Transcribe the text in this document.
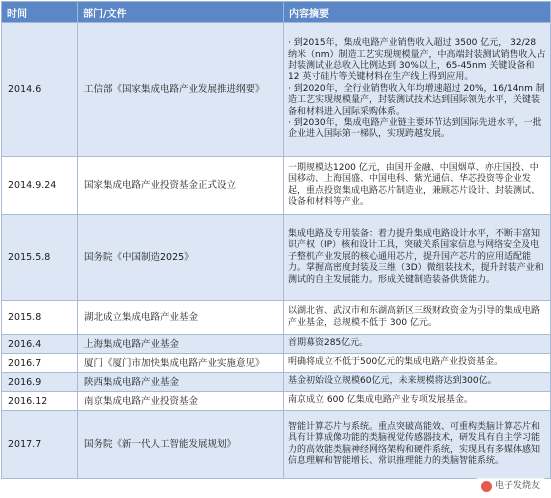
时间	部门/文件	内容摘要
2014.6	工信部《国家集成电路产业发展推进纲要》	· 到2015年，集成电路产业销售收入超过 3500 亿元， 32/28 纳米（nm）制造工艺实现规模量产，中高端封装测试销售收入占封装测试业总收入比例达到 30%以上，65-45nm 关键设备和 12 英寸硅片等关键材料在生产线上得到应用。
· 到2020年，全行业销售收入年均增速超过 20%，16/14nm 制造工艺实现规模量产，封装测试技术达到国际领先水平，关键装备和材料进入国际采购体系。
· 到2030年，集成电路产业链主要环节达到国际先进水平，一批企业进入国际第一梯队，实现跨越发展。

2014.9.24	国家集成电路产业投资基金正式设立	一期规模达1200 亿元，由国开金融、中国烟草、亦庄国投、中国移动、上海国盛、中国电科、紫光通信、华芯投资等企业发起，重点投资集成电路芯片制造业，兼顾芯片设计、封装测试、设备和材料等产业。

2015.5.8	国务院《中国制造2025》	集成电路及专用装备：着力提升集成电路设计水平，不断丰富知识产权（IP）核和设计工具，突破关系国家信息与网络安全及电子整机产业发展的核心通用芯片，提升国产芯片的应用适配能力。掌握高密度封装及三维（3D）微组装技术，提升封装产业和测试的自主发展能力。形成关键制造装备供货能力。

2015.8	湖北成立集成电路产业基金	以湖北省、武汉市和东湖高新区三级财政资金为引导的集成电路产业基金，总规模不低于 300 亿元。

2016.4	上海集成电路产业基金	首期募资285亿元。

2016.7	厦门《厦门市加快集成电路产业实施意见》	明确将成立不低于500亿元的集成电路产业投资基金。

2016.9	陕西集成电路产业基金	基金初始设立规模60亿元，未来规模将达到300亿。

2016.12	南京集成电路产业投资基金	南京成立 600 亿集成电路产业专项发展基金。

2017.7	国务院《新一代人工智能发展规划》	智能计算芯片与系统。重点突破高能效、可重构类脑计算芯片和具有计算成像功能的类脑视觉传感器技术，研发具有自主学习能力的高效能类脑神经网络架构和硬件系统，实现具有多媒体感知信息理解和智能增长、常识推理能力的类脑智能系统。
电子发烧友
